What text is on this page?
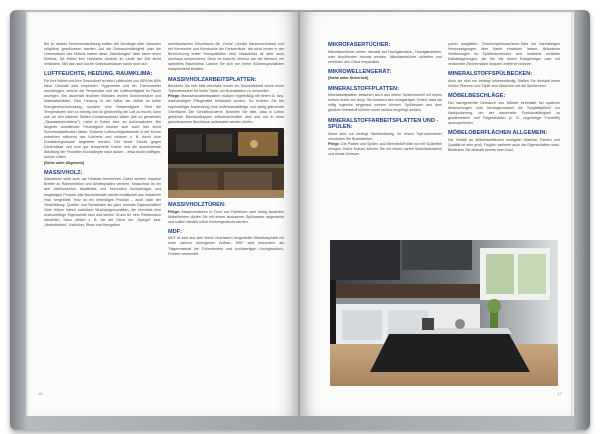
Bei zu starker Sonneneinstrahlung sollten die Vorhänge oder Jalousien möglichst geschlossen werden. Auf die Gebrauchsfähigkeit oder die Lebensdauer des Möbels haben diese „Wandlungen" aber kaum einen Einfluss. Da Möbel ihre Holzfarbe ohnehin im Laufe der Zeit leicht verändern, fällt das nach kurzer Gebrauchsdauer kaum noch auf.

LUFTFEUCHTE, HEIZUNG, RAUMKLIMA:

Für Ihre Möbel und Ihre Gesundheit ist eine Luftfeuchte von 45% bis 60% ideal. Deshalb wird empfohlen, Hygrometer und ein Thermometer anzubringen, welche die Temperatur und die Luftfeuchtigkeit im Raum anzeigen. Bei dauerhaft feuchten Wänden drohen Schimmelpilze und Materialschäden. Eine Heizung in der Nähe der Möbel ist keine Energieverschwendung, sondern eine Notwendigkeit. Sind die Temperaturen dort zu niedrig und ist gleichzeitig die Luft zu feucht, kann sich an den kälteren Stellen Kondenswasser bilden (die so genannten „Tauwasserprobleme"), meist in Ecken bzw. an Außenwänden. Bei längerer anhaltender Feuchtigkeit können sich auch hier leicht Schimmelpilzflecken bilden. Extreme Luftfeuchtigkeitswerte in der Küche entstehen während des Kochens und müssen z. B. durch eine Dunstabzugshaube abgeleitet werden. Der beste Schutz gegen Dauernässe und eine gut temperierte Küche und die ausreichende Abluftung der Feuchten Kochdämpfe nach außen – etwa durch kräftiges, kurzes Lüften.

[Siehe unter Allgemein]

MASSIVHOLZ:

Massivholz wirkt auch als Holzbau bezeichnet. Dabei werden massive Bretter zu Rahmenteilen und Arbeitsplatten verleimt. Massivholz ist ein seit Jahrhunderten bewährtes und besonders hochwertiges und langlebiges Produkt. Alle Baumerkmale werden traditionell aus massivem Holz hergestellt. Holz ist ein lebendiges Produkt – auch nach der Verarbeitung. Quellen und Schwinden als ganz normale Eigenschaften! Viele Hölzer haben natürliche Wuchseigenschaften, die ebenfalls eine wuchsmäßige Eigenschaft sind und keinen Grund für eine Reklamation darstellen. Dazu zählen z. B. bei der Eiche der „Spiegel" bzw. „Markstrahlen", Astlöcher, Risse und Harzgallen.

amerikanischen Kirschbaum die „Gums" (dunkle Harzeinschlüsse) und bei Kernesche und Kernbuche die Farbverläufe, die nicht immer in der Bezeichnung erster Holzqualitäten sind. Massivholz ist aber auch durchaus ansprechend. Denn es braucht, ebenso wie der Mensch, ein spezielles Raumklima. Lassen Sie sich von Ihrem Küchenspezialisten entsprechend beraten.

MASSIVHOLZARBEITSPLATTEN:

Benutzen Sie hier bitte ebenfalls immer ein Schneidebrett sowie einen Topfuntersetzer für heiße Töpfe, um Brandstellen zu vermeiden.

Pflege: Massivholzarbeitsplatten müssen regelmäßig mit einem öl- bzw. wachshaltigen Pflegemittel behandelt werden. So erzielen Sie bei regelmäßiger Anwendung eine widerstandsfähige und stetig glänzende Oberfläche. Die Schnittholzwerte. Brachten Sie bitte, dass in Lotion getränkte Baumwolllappen selbstentzündlich sind und nur in einer geschlossenen Blechdose aufbewahrt werden dürfen.

MASSIVHOLZTÜREN:

Pflege: Massivholztüren in Form von Farbtönen oder farbig lackierten Möbelfronten dürfen Sie mit einem lauwarmen Spülwasser abgewischt und sollten danach sofort trockengewischt werden.

MDF:

MDF ist eine aus sehr feinen Holzfasern hergestellte Möbelbauplatte mit einer nahezu homogenen Aufbau. MDF wird besonders als Trägermaterial bei Folienfronten und hochwertigen Hochglanzlack-Fronten verwendet.

16
MIKROFASERTÜCHER:

Mikrofasertücher dürfen niemals auf Hochglanzlack-, Hochglanzfolien- oder Acrylfronten benutzt werden. Mikrofasertücher schleifen und zerstören den Glanz irreparabel.

MIKROWELLENGERÄT:

[Siehe unter Sicherheit]

MINERALSTOFFPLATTEN:

Mineralstoffplatten bestehen auch aus einem Gesteinsmehl mit einem hohem Anteil von Acryl. Sie besitzen den einzigartigen Vorteil, dass sie völlig fugenlos eingebaut werden können. Spülbecken aus dem gleichen Werkstoff können somit nahtlos eingefügt werden.

MINERALSTOFFARBEITSPLATTEN UND -SPÜLEN:

Diese sind nur bedingt hitzebeständig. Ihr einem Topf-untersetzer vermeiden Sie Brandstellen.

Pflege: Die Platten und Spülen aus Mineralstoff bitte nur mit Spülmittel reinigen. Keine Kratzer können Sie mit einem harten Schleifschwamm und etwas Scheuer-

pulver ausglätten. Geschirrspülmaschinen-Tabs bei hartnäckigen Verunreinigungen über Nacht einwirken lassen. Bräunliche Verfärbungen im Spülbeckenboden sind meistens verfärbte Kalkablagerungen, die Sie mit einem Essigreiniger oder mit verdünnter Zitronensäure bequem entfernen können.

MINERALSTOFFSPÜLBECKEN:

Auch sie sind nur bedingt hitzebeständig. Stellen Sie deshalb keine heißen Pfannen und Töpfe zum Abkühlen auf die Spülbecken.

MÖBELBESCHLÄGE:

Der sachgerechte Gebrauch von Möbeln beinhaltet bei späteren Abweichungen vom Montagezustand die Sorgfaltspflicht zur Nachjustierung, um der dauerhafte Funktionsfähigkeit zu gewährleisten und Folgeschäden (z. B. ungehörige Frontriffe) auszuschließen.

MÖBELOBERFLÄCHEN ALLGEMEIN:

Die Vielfalt an Möbeloberflächen bezüglich Material, Farben und Qualität ist sehr groß. Folglich variieren auch die Eigenschaften stark. Bedenken Sie deshalb bereits beim Kauf,

17
